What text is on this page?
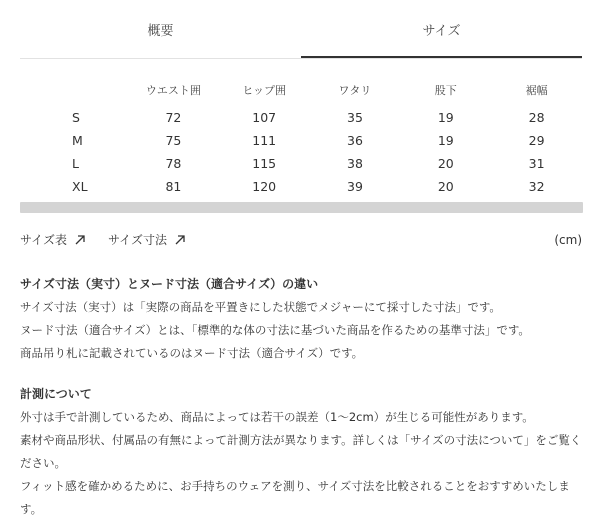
概要	サイズ
	ウエスト囲	ヒップ囲	ワタリ	股下	裾幅
S	72	107	35	19	28
M	75	111	36	19	29
L	78	115	38	20	31
XL	81	120	39	20	32
サイズ表	サイズ寸法	(cm)
サイズ寸法（実寸）とヌード寸法（適合サイズ）の違い

サイズ寸法（実寸）は「実際の商品を平置きにした状態でメジャーにて採寸した寸法」です。

ヌード寸法（適合サイズ）とは、「標準的な体の寸法に基づいた商品を作るための基準寸法」です。

商品吊り札に記載されているのはヌード寸法（適合サイズ）です。

計測について

外寸は手で計測しているため、商品によっては若干の誤差（1～2cm）が生じる可能性があります。

素材や商品形状、付属品の有無によって計測方法が異なります。詳しくは「サイズの寸法について」をご覧ください。

フィット感を確かめるために、お手持ちのウェアを測り、サイズ寸法を比較されることをおすすめいたします。
